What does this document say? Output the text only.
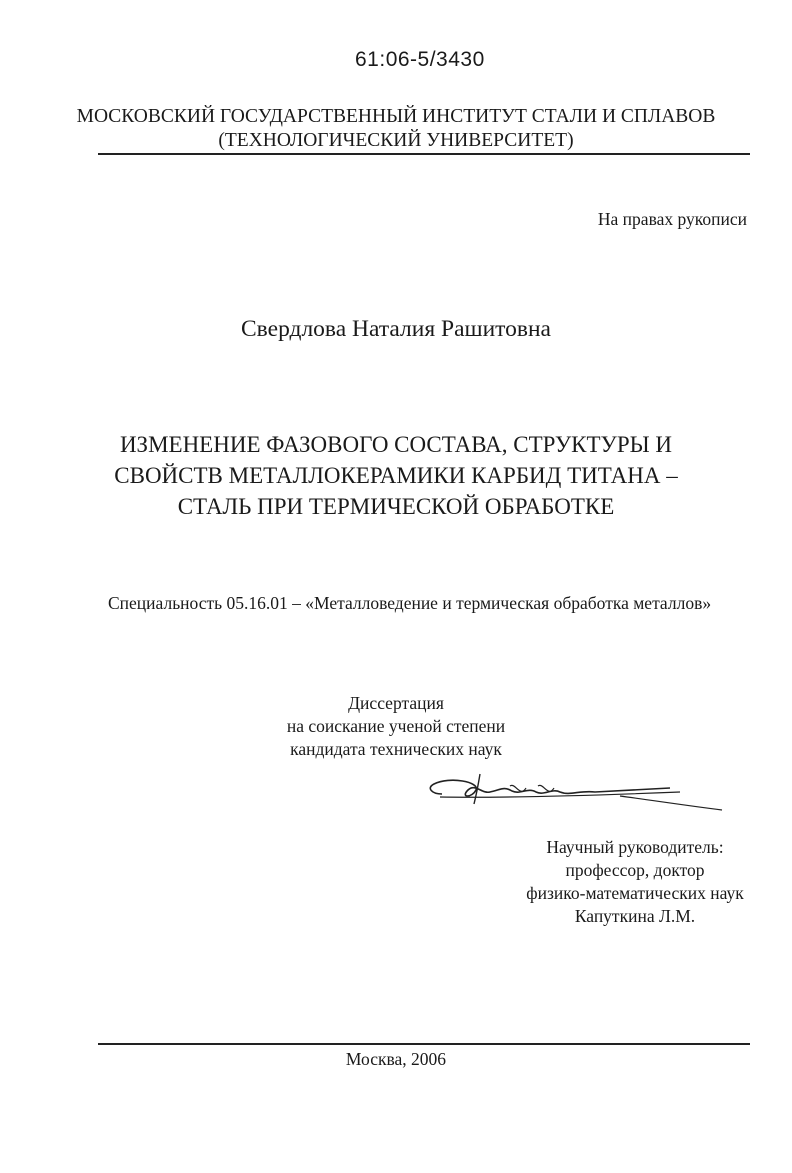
61:06-5/3430
МОСКОВСКИЙ ГОСУДАРСТВЕННЫЙ ИНСТИТУТ СТАЛИ И СПЛАВОВ
(ТЕХНОЛОГИЧЕСКИЙ УНИВЕРСИТЕТ)
На правах рукописи
Свердлова Наталия Рашитовна
ИЗМЕНЕНИЕ ФАЗОВОГО СОСТАВА, СТРУКТУРЫ И
СВОЙСТВ МЕТАЛЛОКЕРАМИКИ КАРБИД ТИТАНА –
СТАЛЬ ПРИ ТЕРМИЧЕСКОЙ ОБРАБОТКЕ
Специальность 05.16.01 – «Металловедение и термическая обработка металлов»
Диссертация
на соискание ученой степени
кандидата технических наук
Научный руководитель:
профессор, доктор
физико-математических наук
Капуткина Л.М.
Москва, 2006
